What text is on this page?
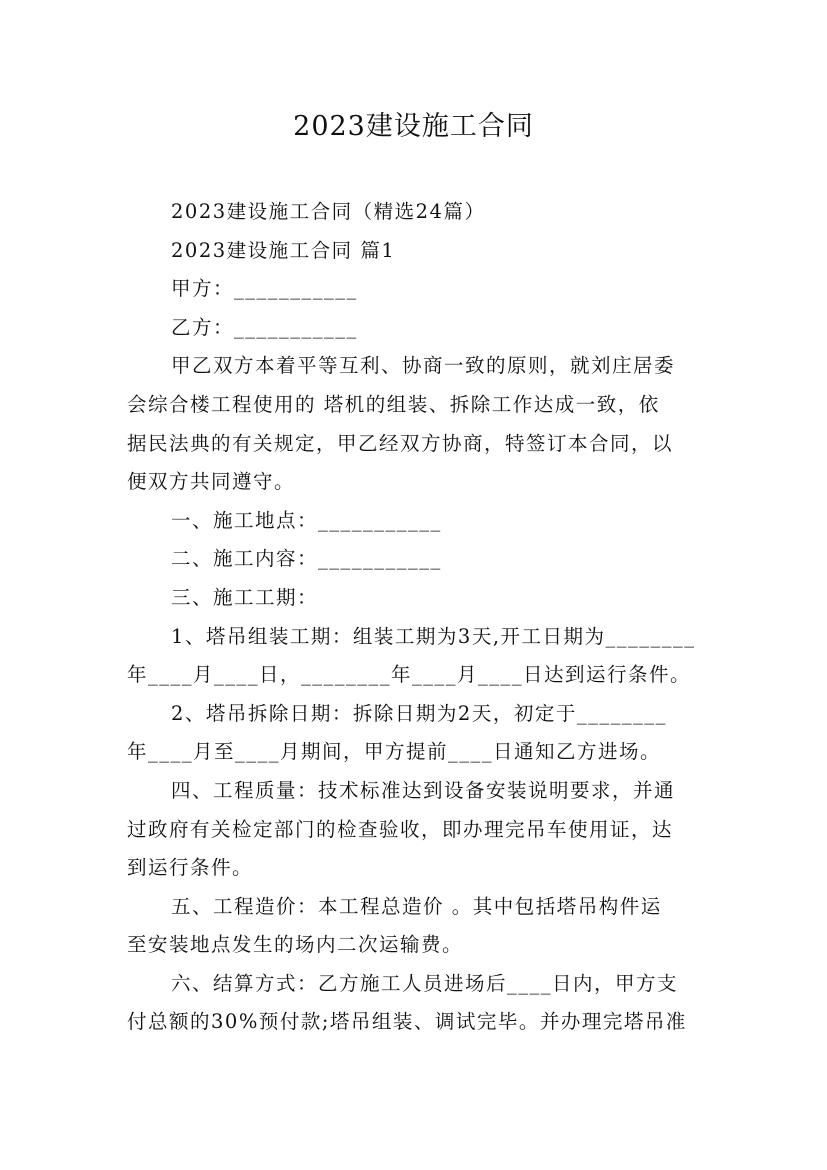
2023建设施工合同

2023建设施工合同（精选24篇）

2023建设施工合同 篇1

甲方：___________

乙方：___________

甲乙双方本着平等互利、协商一致的原则，就刘庄居委

会综合楼工程使用的 塔机的组装、拆除工作达成一致，依

据民法典的有关规定，甲乙经双方协商，特签订本合同，以

便双方共同遵守。

一、施工地点：___________

二、施工内容：___________

三、施工工期：

1、塔吊组装工期：组装工期为3天,开工日期为________

年____月____日，________年____月____日达到运行条件。

2、塔吊拆除日期：拆除日期为2天，初定于________

年____月至____月期间，甲方提前____日通知乙方进场。

四、工程质量：技术标准达到设备安装说明要求，并通

过政府有关检定部门的检查验收，即办理完吊车使用证，达

到运行条件。

五、工程造价：本工程总造价 。其中包括塔吊构件运

至安装地点发生的场内二次运输费。

六、结算方式：乙方施工人员进场后____日内，甲方支

付总额的30%预付款;塔吊组装、调试完毕。并办理完塔吊准
